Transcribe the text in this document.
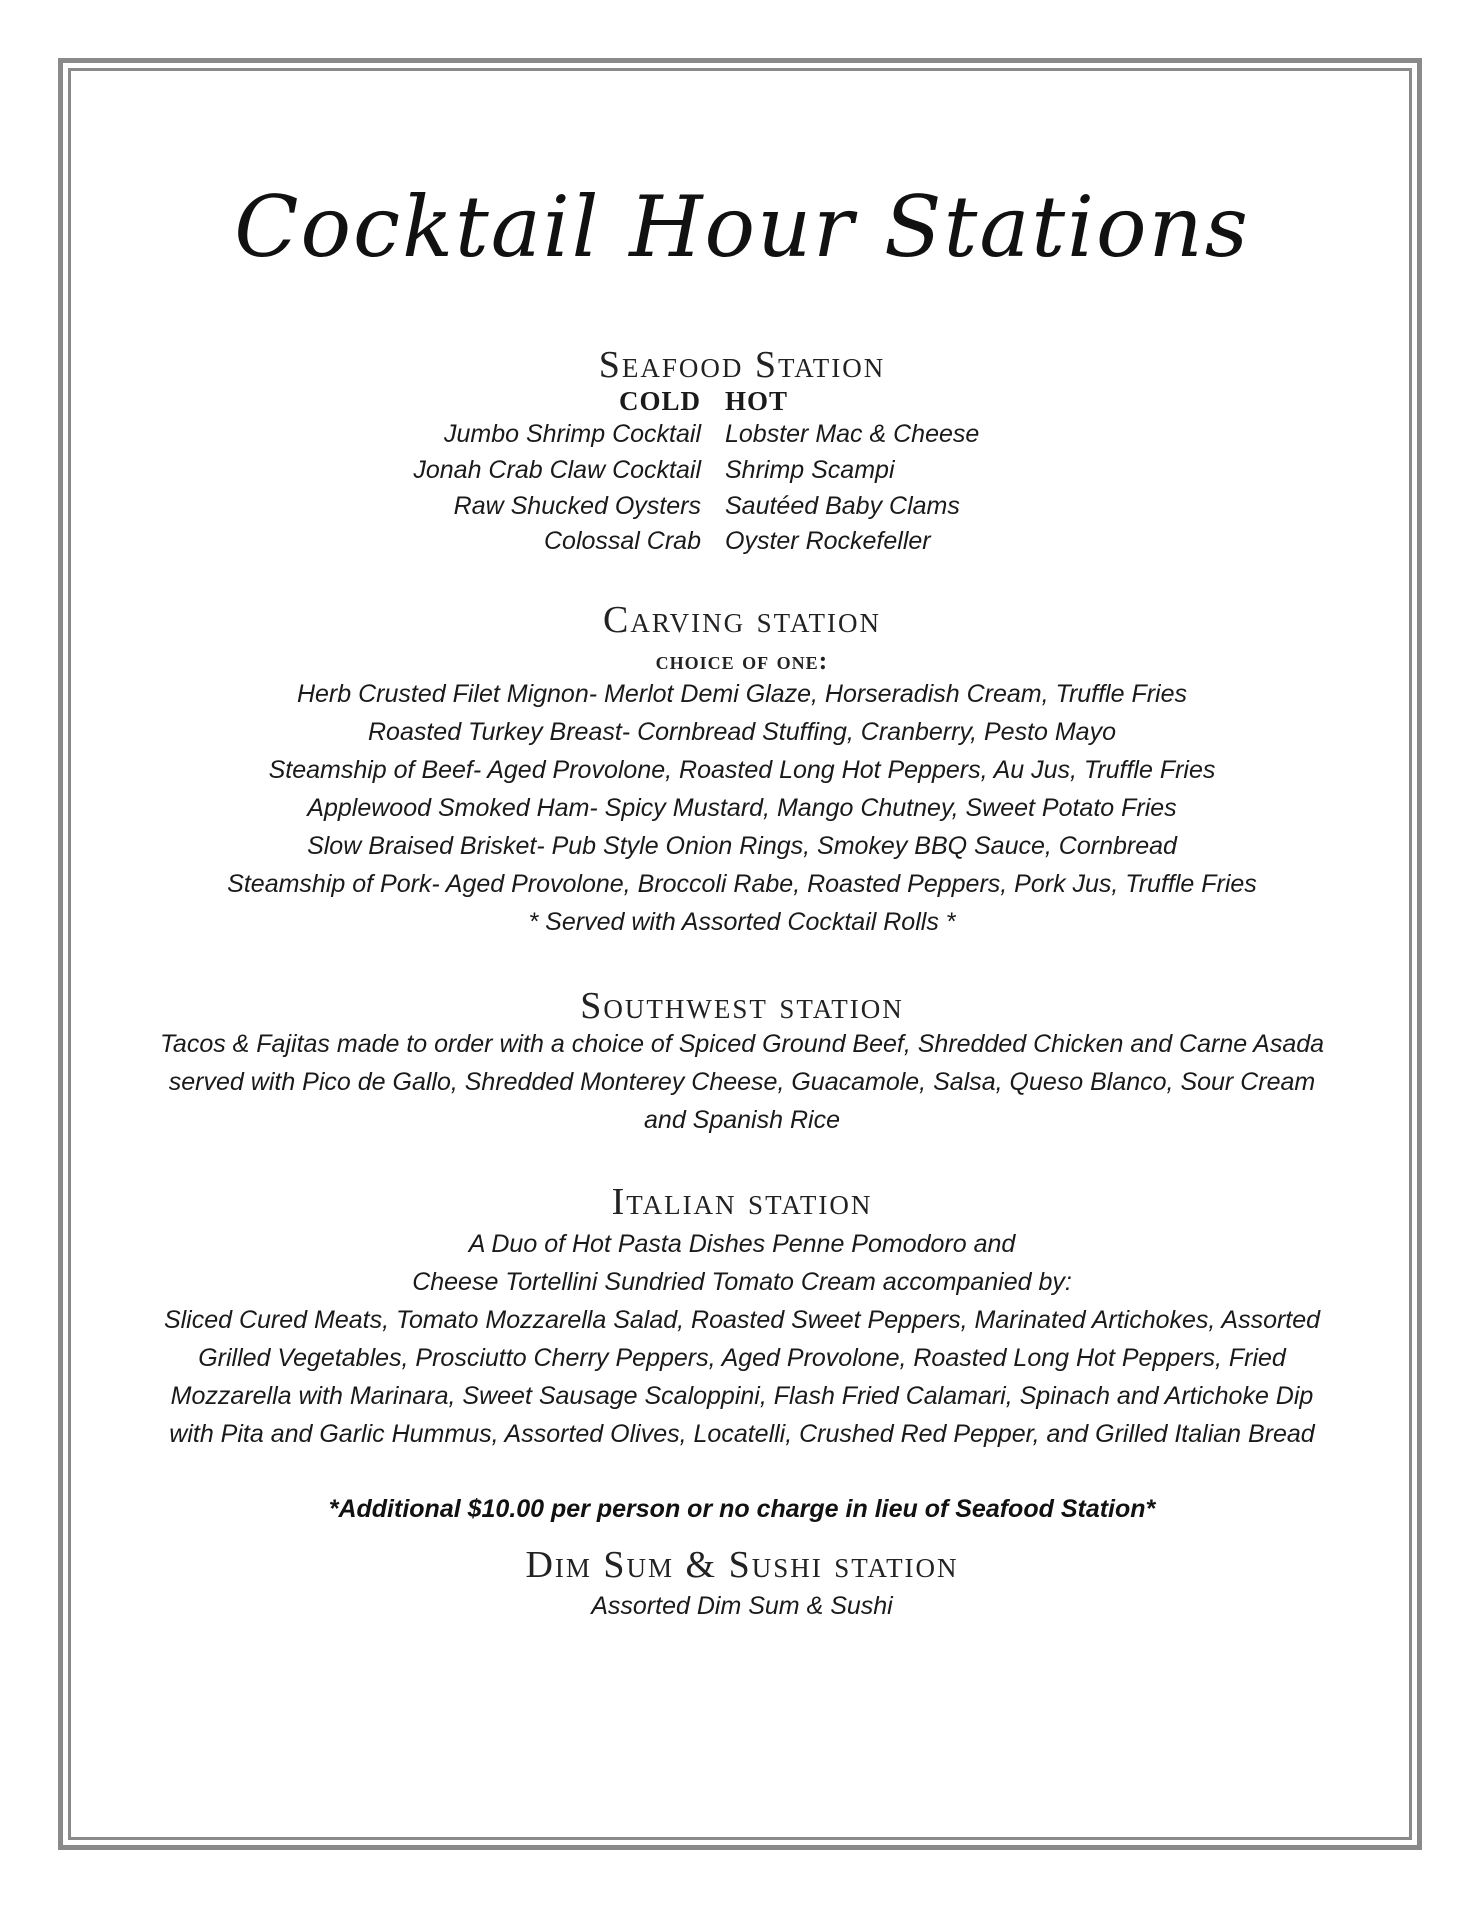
Cocktail Hour Stations
Seafood Station
COLD HOT
Jumbo Shrimp Cocktail
Jonah Crab Claw Cocktail
Raw Shucked Oysters
Colossal Crab
Lobster Mac & Cheese
Shrimp Scampi
Sautéed Baby Clams
Oyster Rockefeller
Carving station
choice of one:
Herb Crusted Filet Mignon- Merlot Demi Glaze, Horseradish Cream, Truffle Fries
Roasted Turkey Breast- Cornbread Stuffing, Cranberry, Pesto Mayo
Steamship of Beef- Aged Provolone, Roasted Long Hot Peppers, Au Jus, Truffle Fries
Applewood Smoked Ham- Spicy Mustard, Mango Chutney, Sweet Potato Fries
Slow Braised Brisket- Pub Style Onion Rings, Smokey BBQ Sauce, Cornbread
Steamship of Pork- Aged Provolone, Broccoli Rabe, Roasted Peppers, Pork Jus, Truffle Fries
* Served with Assorted Cocktail Rolls *
Southwest station
Tacos & Fajitas made to order with a choice of Spiced Ground Beef, Shredded Chicken and Carne Asada
served with Pico de Gallo, Shredded Monterey Cheese, Guacamole, Salsa, Queso Blanco, Sour Cream
and Spanish Rice
Italian station
A Duo of Hot Pasta Dishes Penne Pomodoro and
Cheese Tortellini Sundried Tomato Cream accompanied by:
Sliced Cured Meats, Tomato Mozzarella Salad, Roasted Sweet Peppers, Marinated Artichokes, Assorted
Grilled Vegetables, Prosciutto Cherry Peppers, Aged Provolone, Roasted Long Hot Peppers, Fried
Mozzarella with Marinara, Sweet Sausage Scaloppini, Flash Fried Calamari, Spinach and Artichoke Dip
with Pita and Garlic Hummus, Assorted Olives, Locatelli, Crushed Red Pepper, and Grilled Italian Bread
*Additional $10.00 per person or no charge in lieu of Seafood Station*
Dim Sum & Sushi station
Assorted Dim Sum & Sushi
